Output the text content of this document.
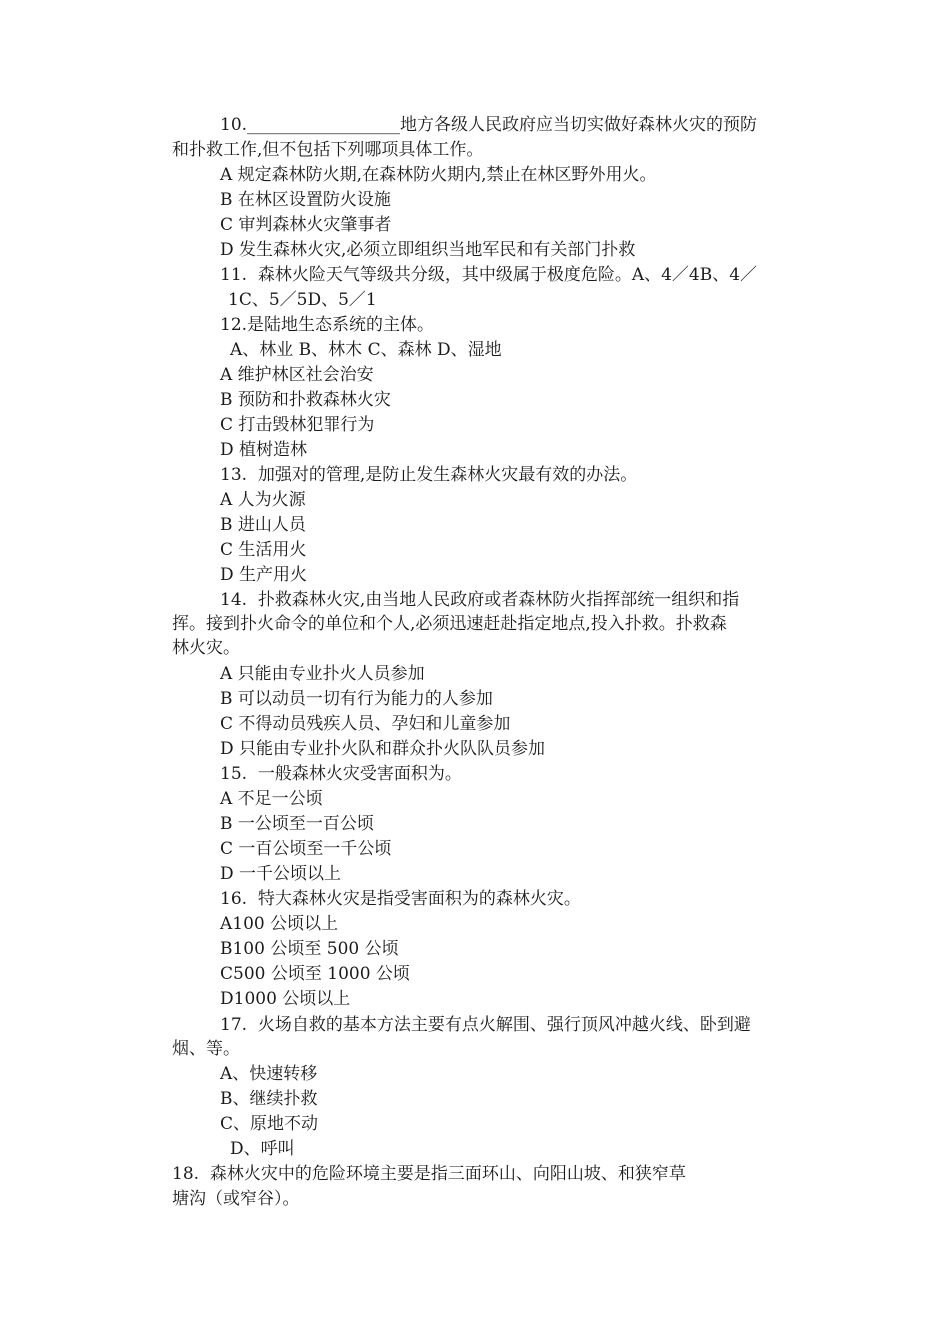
10.__________________地方各级人民政府应当切实做好森林火灾的预防
和扑救工作,但不包括下列哪项具体工作。
A 规定森林防火期,在森林防火期内,禁止在林区野外用火。
B 在林区设置防火设施
C 审判森林火灾肇事者
D 发生森林火灾,必须立即组织当地军民和有关部门扑救
11.  森林火险天气等级共分级，其中级属于极度危险。A、4／4B、4／
1C、5／5D、5／1
12.是陆地生态系统的主体。
A、林业 B、林木 C、森林 D、湿地
A 维护林区社会治安
B 预防和扑救森林火灾
C 打击毁林犯罪行为
D 植树造林
13.  加强对的管理,是防止发生森林火灾最有效的办法。
A 人为火源
B 进山人员
C 生活用火
D 生产用火
14.  扑救森林火灾,由当地人民政府或者森林防火指挥部统一组织和指
挥。接到扑火命令的单位和个人,必须迅速赶赴指定地点,投入扑救。扑救森
林火灾。
A 只能由专业扑火人员参加
B 可以动员一切有行为能力的人参加
C 不得动员残疾人员、孕妇和儿童参加
D 只能由专业扑火队和群众扑火队队员参加
15.  一般森林火灾受害面积为。
A 不足一公顷
B 一公顷至一百公顷
C 一百公顷至一千公顷
D 一千公顷以上
16.  特大森林火灾是指受害面积为的森林火灾。
A100 公顷以上
B100 公顷至 500 公顷
C500 公顷至 1000 公顷
D1000 公顷以上
17.  火场自救的基本方法主要有点火解围、强行顶风冲越火线、卧到避
烟、等。
A、快速转移
B、继续扑救
C、原地不动
D、呼叫
18.  森林火灾中的危险环境主要是指三面环山、向阳山坡、和狭窄草
塘沟（或窄谷）。
